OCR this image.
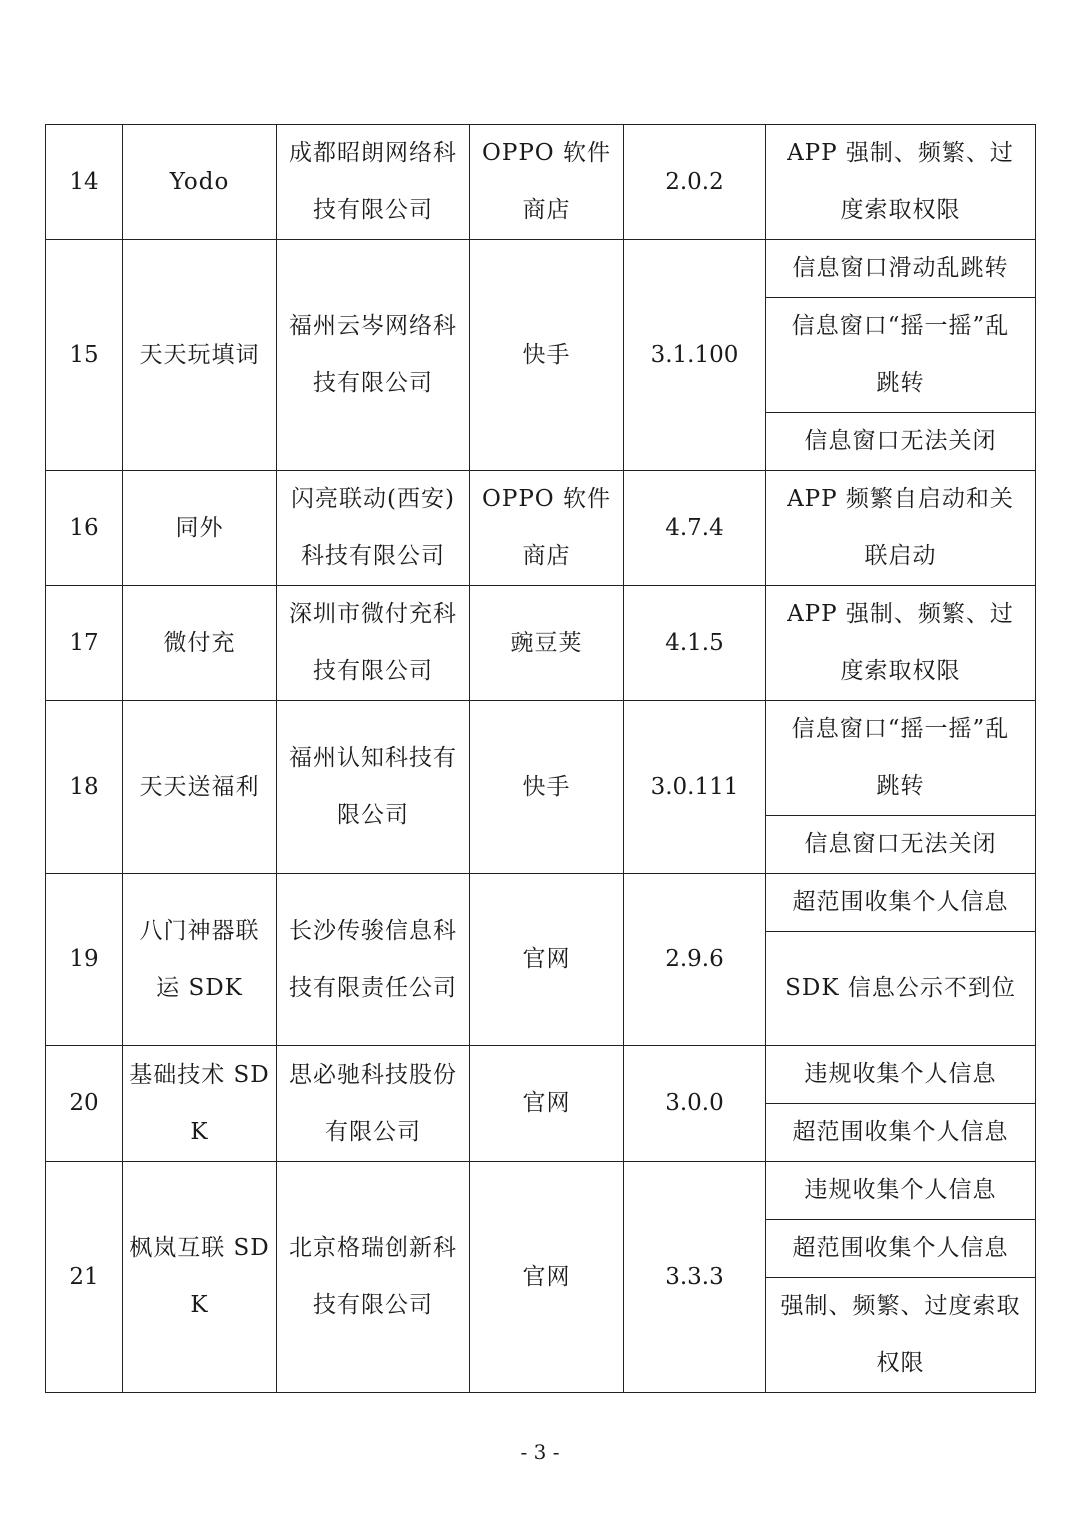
14	Yodo	成都昭朗网络科技有限公司	OPPO 软件商店	2.0.2	APP 强制、频繁、过度索取权限

15	天天玩填词	福州云岑网络科技有限公司	快手	3.1.100	信息窗口滑动乱跳转

					信息窗口“摇一摇”乱跳转

					信息窗口无法关闭

16	同外	闪亮联动(西安)科技有限公司	OPPO 软件商店	4.7.4	APP 频繁自启动和关联启动

17	微付充	深圳市微付充科技有限公司	豌豆荚	4.1.5	APP 强制、频繁、过度索取权限

18	天天送福利	福州认知科技有限公司	快手	3.0.111	信息窗口“摇一摇”乱跳转

					信息窗口无法关闭

19	八门神器联运 SDK	长沙传骏信息科技有限责任公司	官网	2.9.6	超范围收集个人信息

					SDK 信息公示不到位

20	基础技术 SDK	思必驰科技股份有限公司	官网	3.0.0	违规收集个人信息

					超范围收集个人信息

21	枫岚互联 SDK	北京格瑞创新科技有限公司	官网	3.3.3	违规收集个人信息

					超范围收集个人信息

					强制、频繁、过度索取权限
- 3 -
